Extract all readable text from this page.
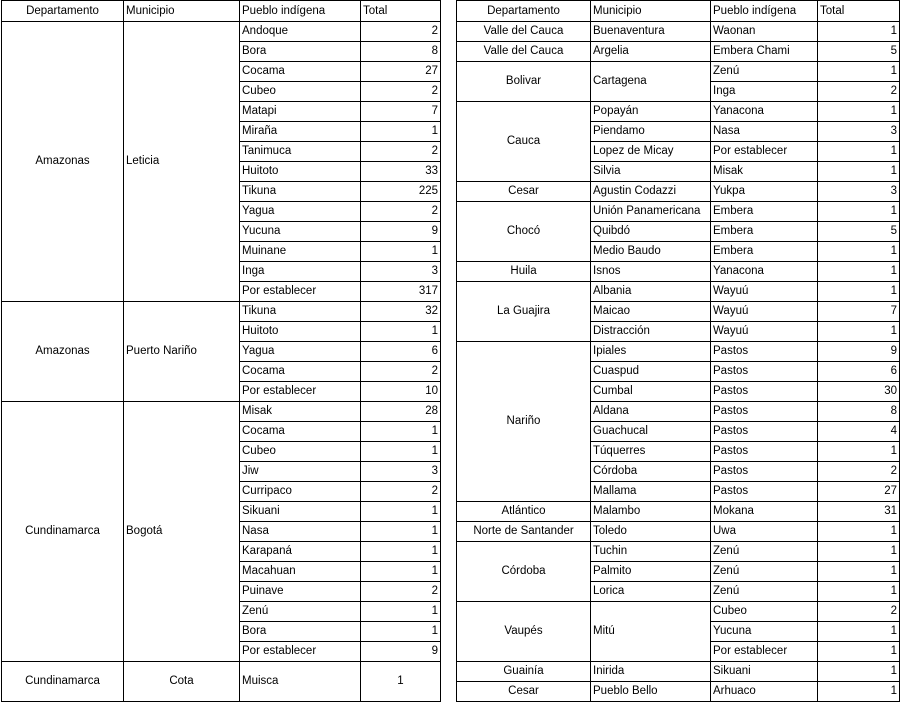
Departamento	Municipio	Pueblo indígena	Total
Amazonas	Leticia	Andoque	2
		Bora	8
		Cocama	27
		Cubeo	2
		Matapi	7
		Miraña	1
		Tanimuca	2
		Huitoto	33
		Tikuna	225
		Yagua	2
		Yucuna	9
		Muinane	1
		Inga	3
		Por establecer	317
Amazonas	Puerto Nariño	Tikuna	32
		Huitoto	1
		Yagua	6
		Cocama	2
		Por establecer	10
Cundinamarca	Bogotá	Misak	28
		Cocama	1
		Cubeo	1
		Jiw	3
		Curripaco	2
		Sikuani	1
		Nasa	1
		Karapaná	1
		Macahuan	1
		Puinave	2
		Zenú	1
		Bora	1
		Por establecer	9
Cundinamarca	Cota	Muisca	1
Departamento	Municipio	Pueblo indígena	Total
Valle del Cauca	Buenaventura	Waonan	1
Valle del Cauca	Argelia	Embera Chami	5
Bolivar	Cartagena	Zenú	1
		Inga	2
Cauca	Popayán	Yanacona	1
	Piendamo	Nasa	3
	Lopez de Micay	Por establecer	1
	Silvia	Misak	1
Cesar	Agustin Codazzi	Yukpa	3
Chocó	Unión Panamericana	Embera	1
	Quibdó	Embera	5
	Medio Baudo	Embera	1
Huila	Isnos	Yanacona	1
La Guajira	Albania	Wayuú	1
	Maicao	Wayuú	7
	Distracción	Wayuú	1
Nariño	Ipiales	Pastos	9
	Cuaspud	Pastos	6
	Cumbal	Pastos	30
	Aldana	Pastos	8
	Guachucal	Pastos	4
	Túquerres	Pastos	1
	Córdoba	Pastos	2
	Mallama	Pastos	27
Atlántico	Malambo	Mokana	31
Norte de Santander	Toledo	Uwa	1
Córdoba	Tuchin	Zenú	1
	Palmito	Zenú	1
	Lorica	Zenú	1
Vaupés	Mitú	Cubeo	2
		Yucuna	1
		Por establecer	1
Guainía	Inirida	Sikuani	1
Cesar	Pueblo Bello	Arhuaco	1
